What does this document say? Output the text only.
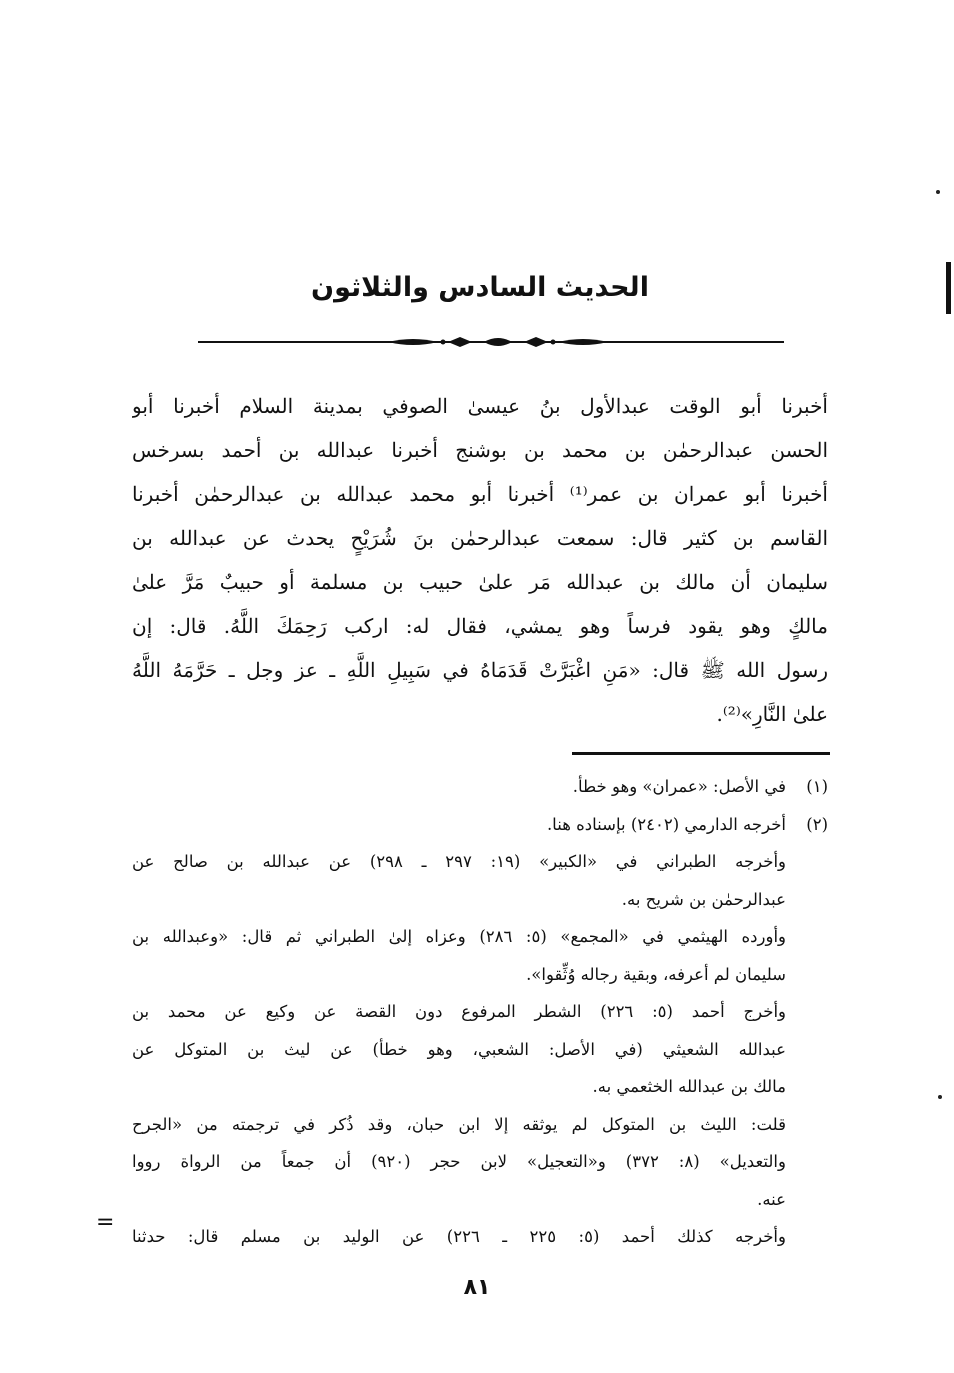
الحديث السادس والثلاثون
أخبرنا أبو الوقت عبدالأول بنُ عيسىٰ الصوفي بمدينة السلام أخبرنا أبو
الحسن عبدالرحمٰن بن محمد بن بوشنج أخبرنا عبدالله بن أحمد بسرخس
أخبرنا أبو عمران بن عمر⁽¹⁾ أخبرنا أبو محمد عبدالله بن عبدالرحمٰن أخبرنا
القاسم بن كثير قال: سمعت عبدالرحمٰن بنَ شُرَيْحٍ يحدث عن عبدالله بن
سليمان أن مالك بن عبدالله مَر علىٰ حبيب بن مسلمة أو حبيبٌ مَرَّ علىٰ
مالكٍ وهو يقود فرساً وهو يمشي، فقال له: اركب رَحِمَكَ اللَّهُ. قال: إن
رسول الله ﷺ قال: «مَنِ اغْبَرَّتْ قَدَمَاهُ في سَبِيلِ اللَّهِ ـ عز وجل ـ حَرَّمَهُ اللَّهُ
علىٰ النَّارِ»⁽²⁾.
(١)في الأصل: «عمران» وهو خطأ.
(٢)أخرجه الدارمي (٢٤٠٢) بإسناده هنا.
وأخرجه الطبراني في «الكبير» (١٩: ٢٩٧ ـ ٢٩٨) عن عبدالله بن صالح عن
عبدالرحمٰن بن شريح به.
وأورده الهيثمي في «المجمع» (٥: ٢٨٦) وعزاه إلىٰ الطبراني ثم قال: «وعبدالله بن
سليمان لم أعرفه، وبقية رجاله وُثِّقوا».
وأخرج أحمد (٥: ٢٢٦) الشطر المرفوع دون القصة عن وكيع عن محمد بن
عبدالله الشعيثي (في الأصل: الشعبي، وهو خطأ) عن ليث بن المتوكل عن
مالك بن عبدالله الخثعمي به.
قلت: الليث بن المتوكل لم يوثقه إلا ابن حبان، وقد ذُكر في ترجمته من «الجرح
والتعديل» (٨: ٣٧٢) و«التعجيل» لابن حجر (٩٢٠) أن جمعاً من الرواة رووا
عنه.
وأخرجه كذلك أحمد (٥: ٢٢٥ ـ ٢٢٦) عن الوليد بن مسلم قال: حدثنا
=
٨١
